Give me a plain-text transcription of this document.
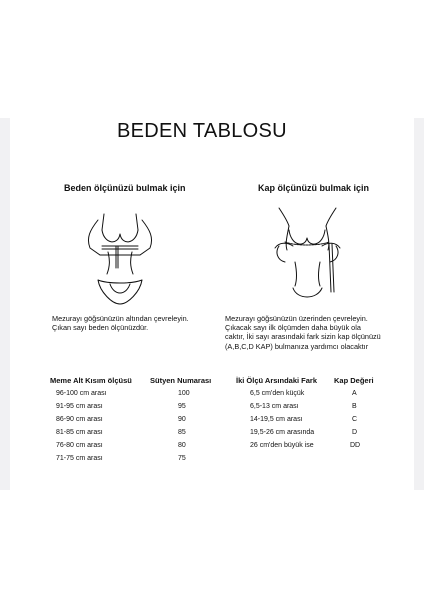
BEDEN TABLOSU
Beden ölçünüzü bulmak için	Kap ölçünüzü bulmak için
Mezurayı göğsünüzün altından çevreleyin.
Çıkan sayı beden ölçünüzdür.
Mezurayı göğsünüzün üzerinden çevreleyin.
Çıkacak sayı ilk ölçümden daha büyük ola
caktır, İki sayı arasındaki fark sizin kap ölçünüzü
(A,B,C,D KAP) bulmanıza yardımcı olacaktır
Meme Alt Kısım ölçüsü Sütyen Numarası
96-100 cm arası	100
91-95 cm arası	95
86-90 cm arası	90
81-85 cm arası	85
76-80 cm arası	80
71-75 cm arası	75
İki Ölçü Arsındaki Fark Kap Değeri
6,5 cm'den küçük	A
6,5-13 cm arası	B
14-19,5 cm arası	C
19,5-26 cm arasında	D
26 cm'den büyük ise	DD
